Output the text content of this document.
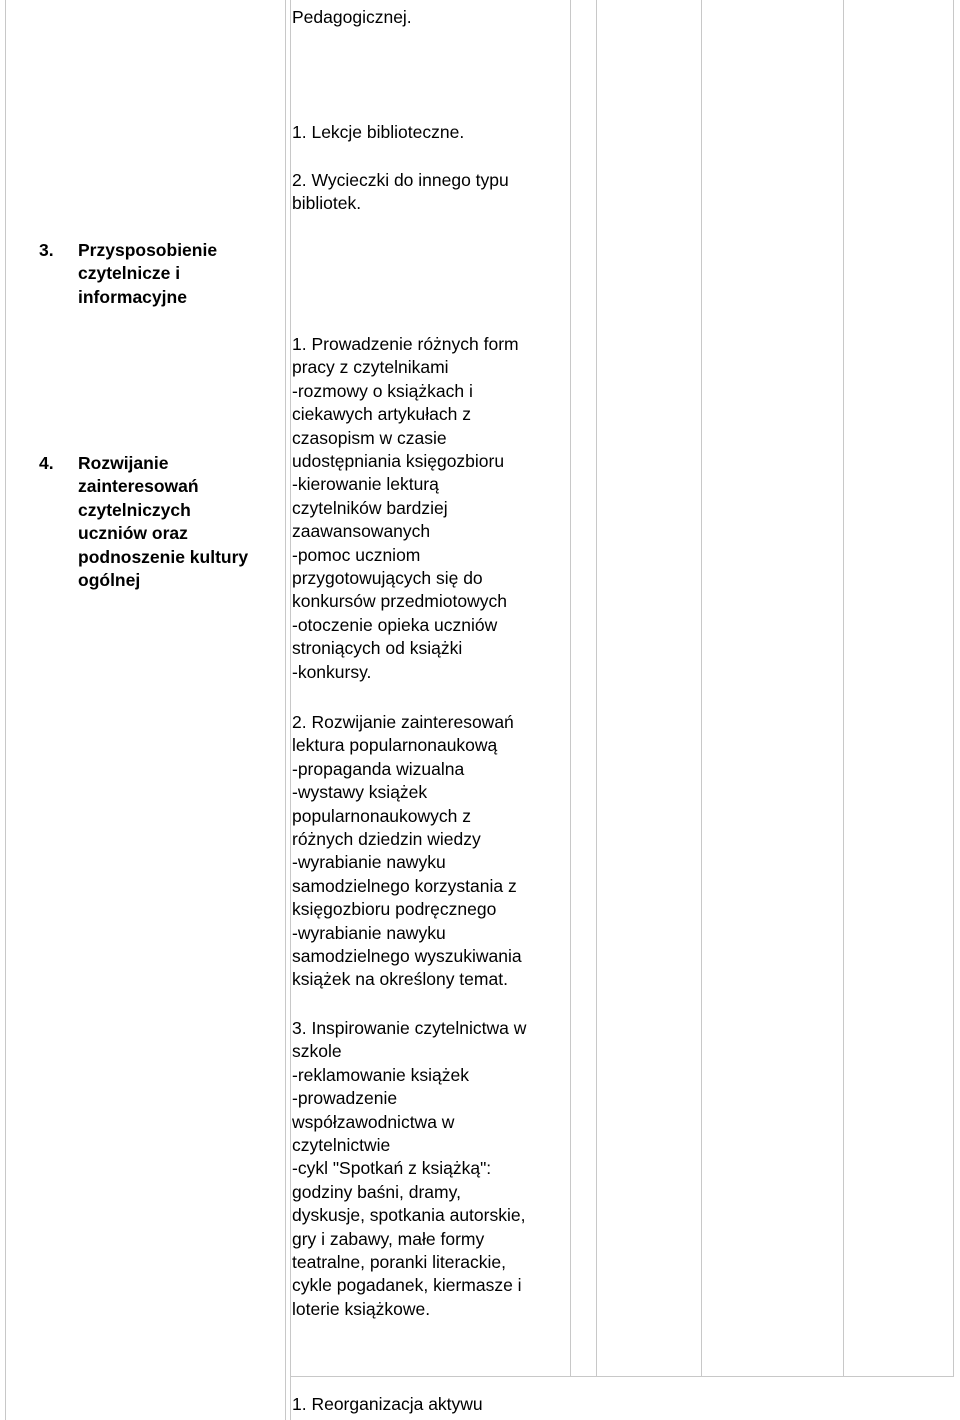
Pedagogicznej.
1. Lekcje biblioteczne.
2. Wycieczki do innego typu
bibliotek.
3. Przysposobienie
czytelnicze i
informacyjne
4. Rozwijanie
zainteresowań
czytelniczych
uczniów oraz
podnoszenie kultury
ogólnej
1. Prowadzenie różnych form
pracy z czytelnikami
-rozmowy o książkach i
ciekawych artykułach z
czasopism w czasie
udostępniania księgozbioru
-kierowanie lekturą
czytelników bardziej
zaawansowanych
-pomoc uczniom
przygotowujących się do
konkursów przedmiotowych
-otoczenie opieka uczniów
stroniących od książki
-konkursy.
2. Rozwijanie zainteresowań
lektura popularnonaukową
-propaganda wizualna
-wystawy książek
popularnonaukowych z
różnych dziedzin wiedzy
-wyrabianie nawyku
samodzielnego korzystania z
księgozbioru podręcznego
-wyrabianie nawyku
samodzielnego wyszukiwania
książek na określony temat.
3. Inspirowanie czytelnictwa w
szkole
-reklamowanie książek
-prowadzenie
współzawodnictwa w
czytelnictwie
-cykl "Spotkań z książką":
godziny baśni, dramy,
dyskusje, spotkania autorskie,
gry i zabawy, małe formy
teatralne, poranki literackie,
cykle pogadanek, kiermasze i
loterie książkowe.
1. Reorganizacja aktywu
